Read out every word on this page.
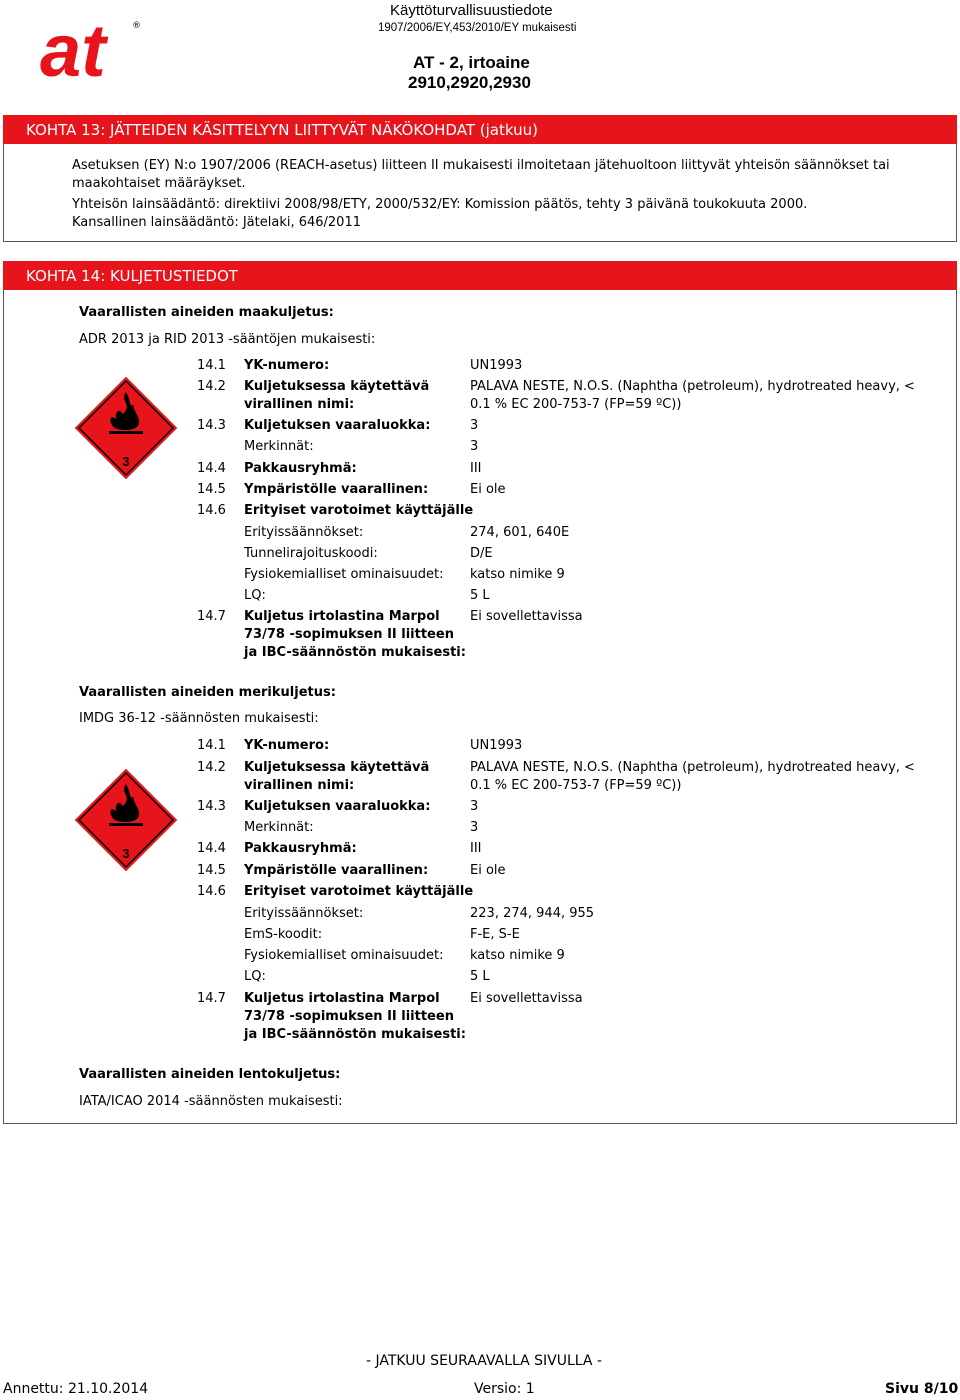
at	®
Käyttöturvallisuustiedote
1907/2006/EY,453/2010/EY mukaisesti
AT - 2, irtoaine
2910,2920,2930
KOHTA 13: JÄTTEIDEN KÄSITTELYYN LIITTYVÄT NÄKÖKOHDAT (jatkuu)
Asetuksen (EY) N:o 1907/2006 (REACH-asetus) liitteen II mukaisesti ilmoitetaan jätehuoltoon liittyvät yhteisön säännökset tai
maakohtaiset määräykset.
Yhteisön lainsäädäntö: direktiivi 2008/98/ETY, 2000/532/EY: Komission päätös, tehty 3 päivänä toukokuuta 2000.
Kansallinen lainsäädäntö: Jätelaki, 646/2011
KOHTA 14: KULJETUSTIEDOT
Vaarallisten aineiden maakuljetus:
ADR 2013 ja RID 2013 -sääntöjen mukaisesti:
3
14.1 YK-numero:	UN1993
14.2 Kuljetuksessa käytettävä
virallinen nimi:
PALAVA NESTE, N.O.S. (Naphtha (petroleum), hydrotreated heavy, <
0.1 % EC 200-753-7 (FP=59 ºC))
14.3 Kuljetuksen vaaraluokka:	3
Merkinnät:	3
14.4 Pakkausryhmä:	III
14.5 Ympäristölle vaarallinen:	Ei ole
14.6 Erityiset varotoimet käyttäjälle
Erityissäännökset:	274, 601, 640E
Tunnelirajoituskoodi:	D/E
Fysiokemialliset ominaisuudet: katso nimike 9
LQ:	5 L
14.7 Kuljetus irtolastina Marpol
73/78 -sopimuksen II liitteen
ja IBC-säännöstön mukaisesti:
Ei sovellettavissa
Vaarallisten aineiden merikuljetus:
IMDG 36-12 -säännösten mukaisesti:
3
14.1 YK-numero:	UN1993
14.2 Kuljetuksessa käytettävä
virallinen nimi:
PALAVA NESTE, N.O.S. (Naphtha (petroleum), hydrotreated heavy, <
0.1 % EC 200-753-7 (FP=59 ºC))
14.3 Kuljetuksen vaaraluokka:	3
Merkinnät:	3
14.4 Pakkausryhmä:	III
14.5 Ympäristölle vaarallinen:	Ei ole
14.6 Erityiset varotoimet käyttäjälle
Erityissäännökset:	223, 274, 944, 955
EmS-koodit:	F-E, S-E
Fysiokemialliset ominaisuudet: katso nimike 9
LQ:	5 L
14.7 Kuljetus irtolastina Marpol
73/78 -sopimuksen II liitteen
ja IBC-säännöstön mukaisesti:
Ei sovellettavissa
Vaarallisten aineiden lentokuljetus:
IATA/ICAO 2014 -säännösten mukaisesti:
- JATKUU SEURAAVALLA SIVULLA -
Annettu: 21.10.2014	Versio: 1	Sivu 8/10
